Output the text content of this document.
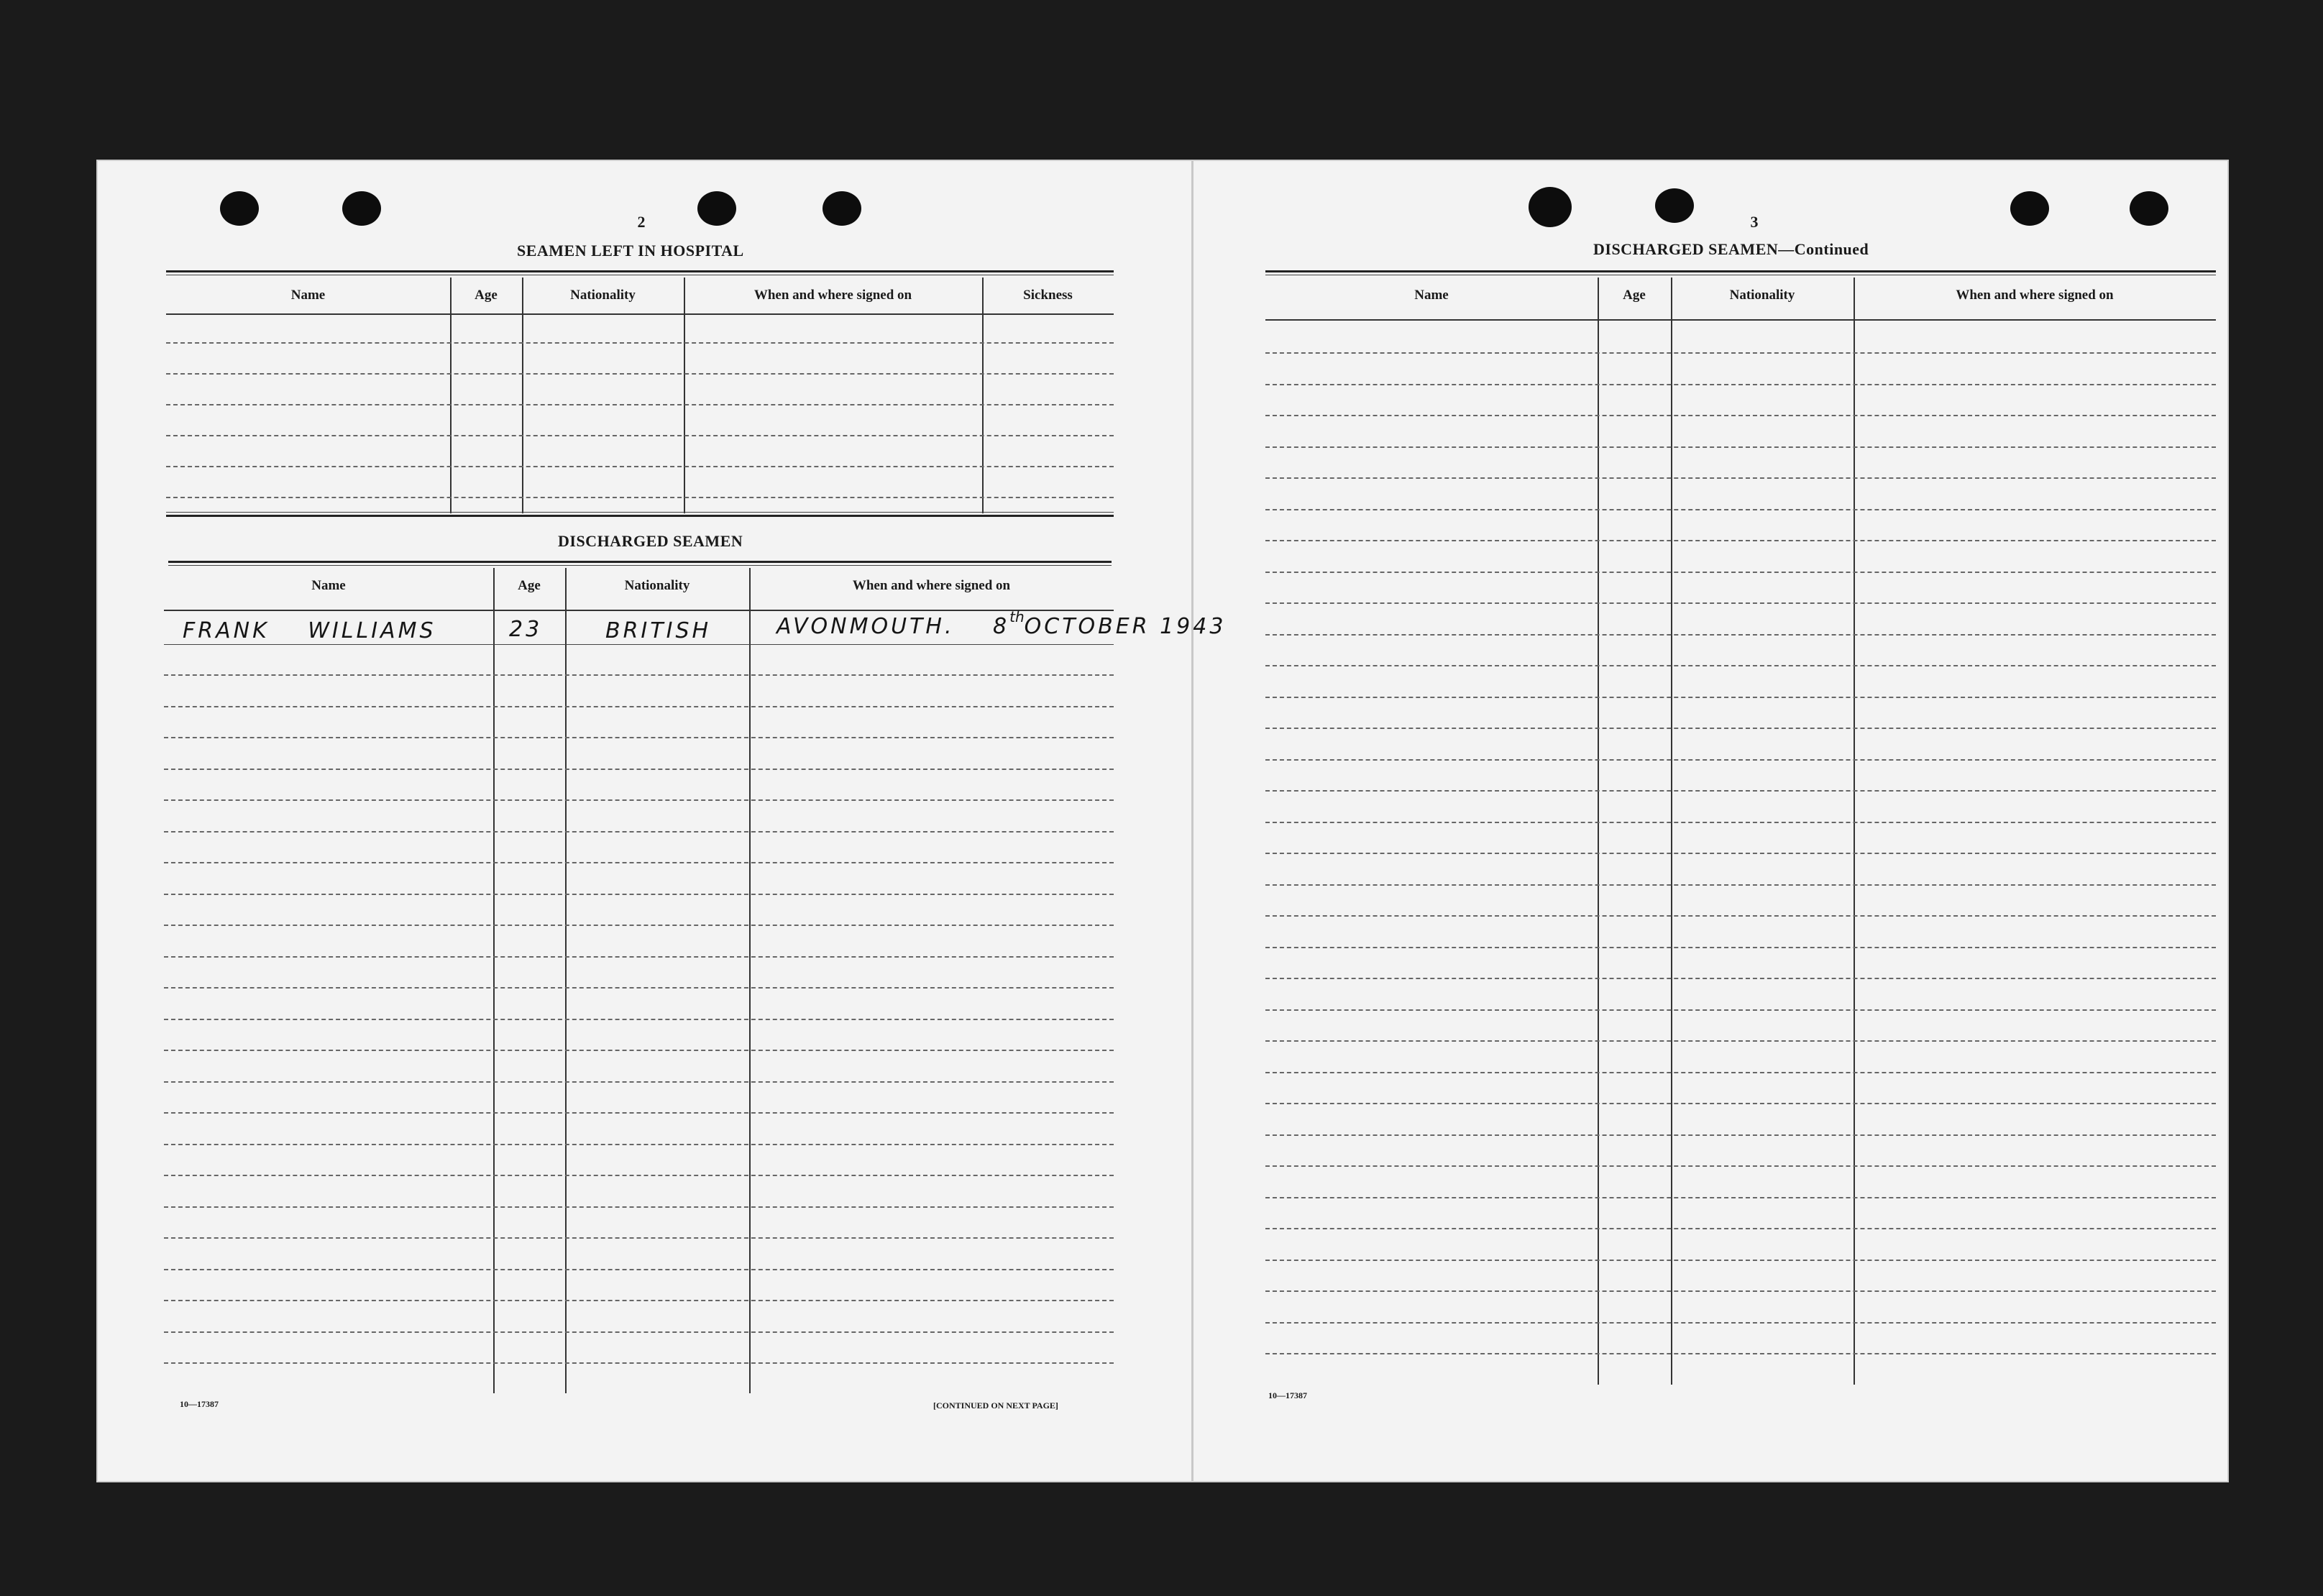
2
SEAMEN LEFT IN HOSPITAL
Name	Age	Nationality	When and where signed on	Sickness
DISCHARGED SEAMEN
Name	Age	Nationality	When and where signed on
FRANK WILLIAMS	23	BRITISH	AVONMOUTH. 8thOCTOBER 1943
10—17387	[CONTINUED ON NEXT PAGE]
3
DISCHARGED SEAMEN—Continued
Name	Age	Nationality	When and where signed on
10—17387
